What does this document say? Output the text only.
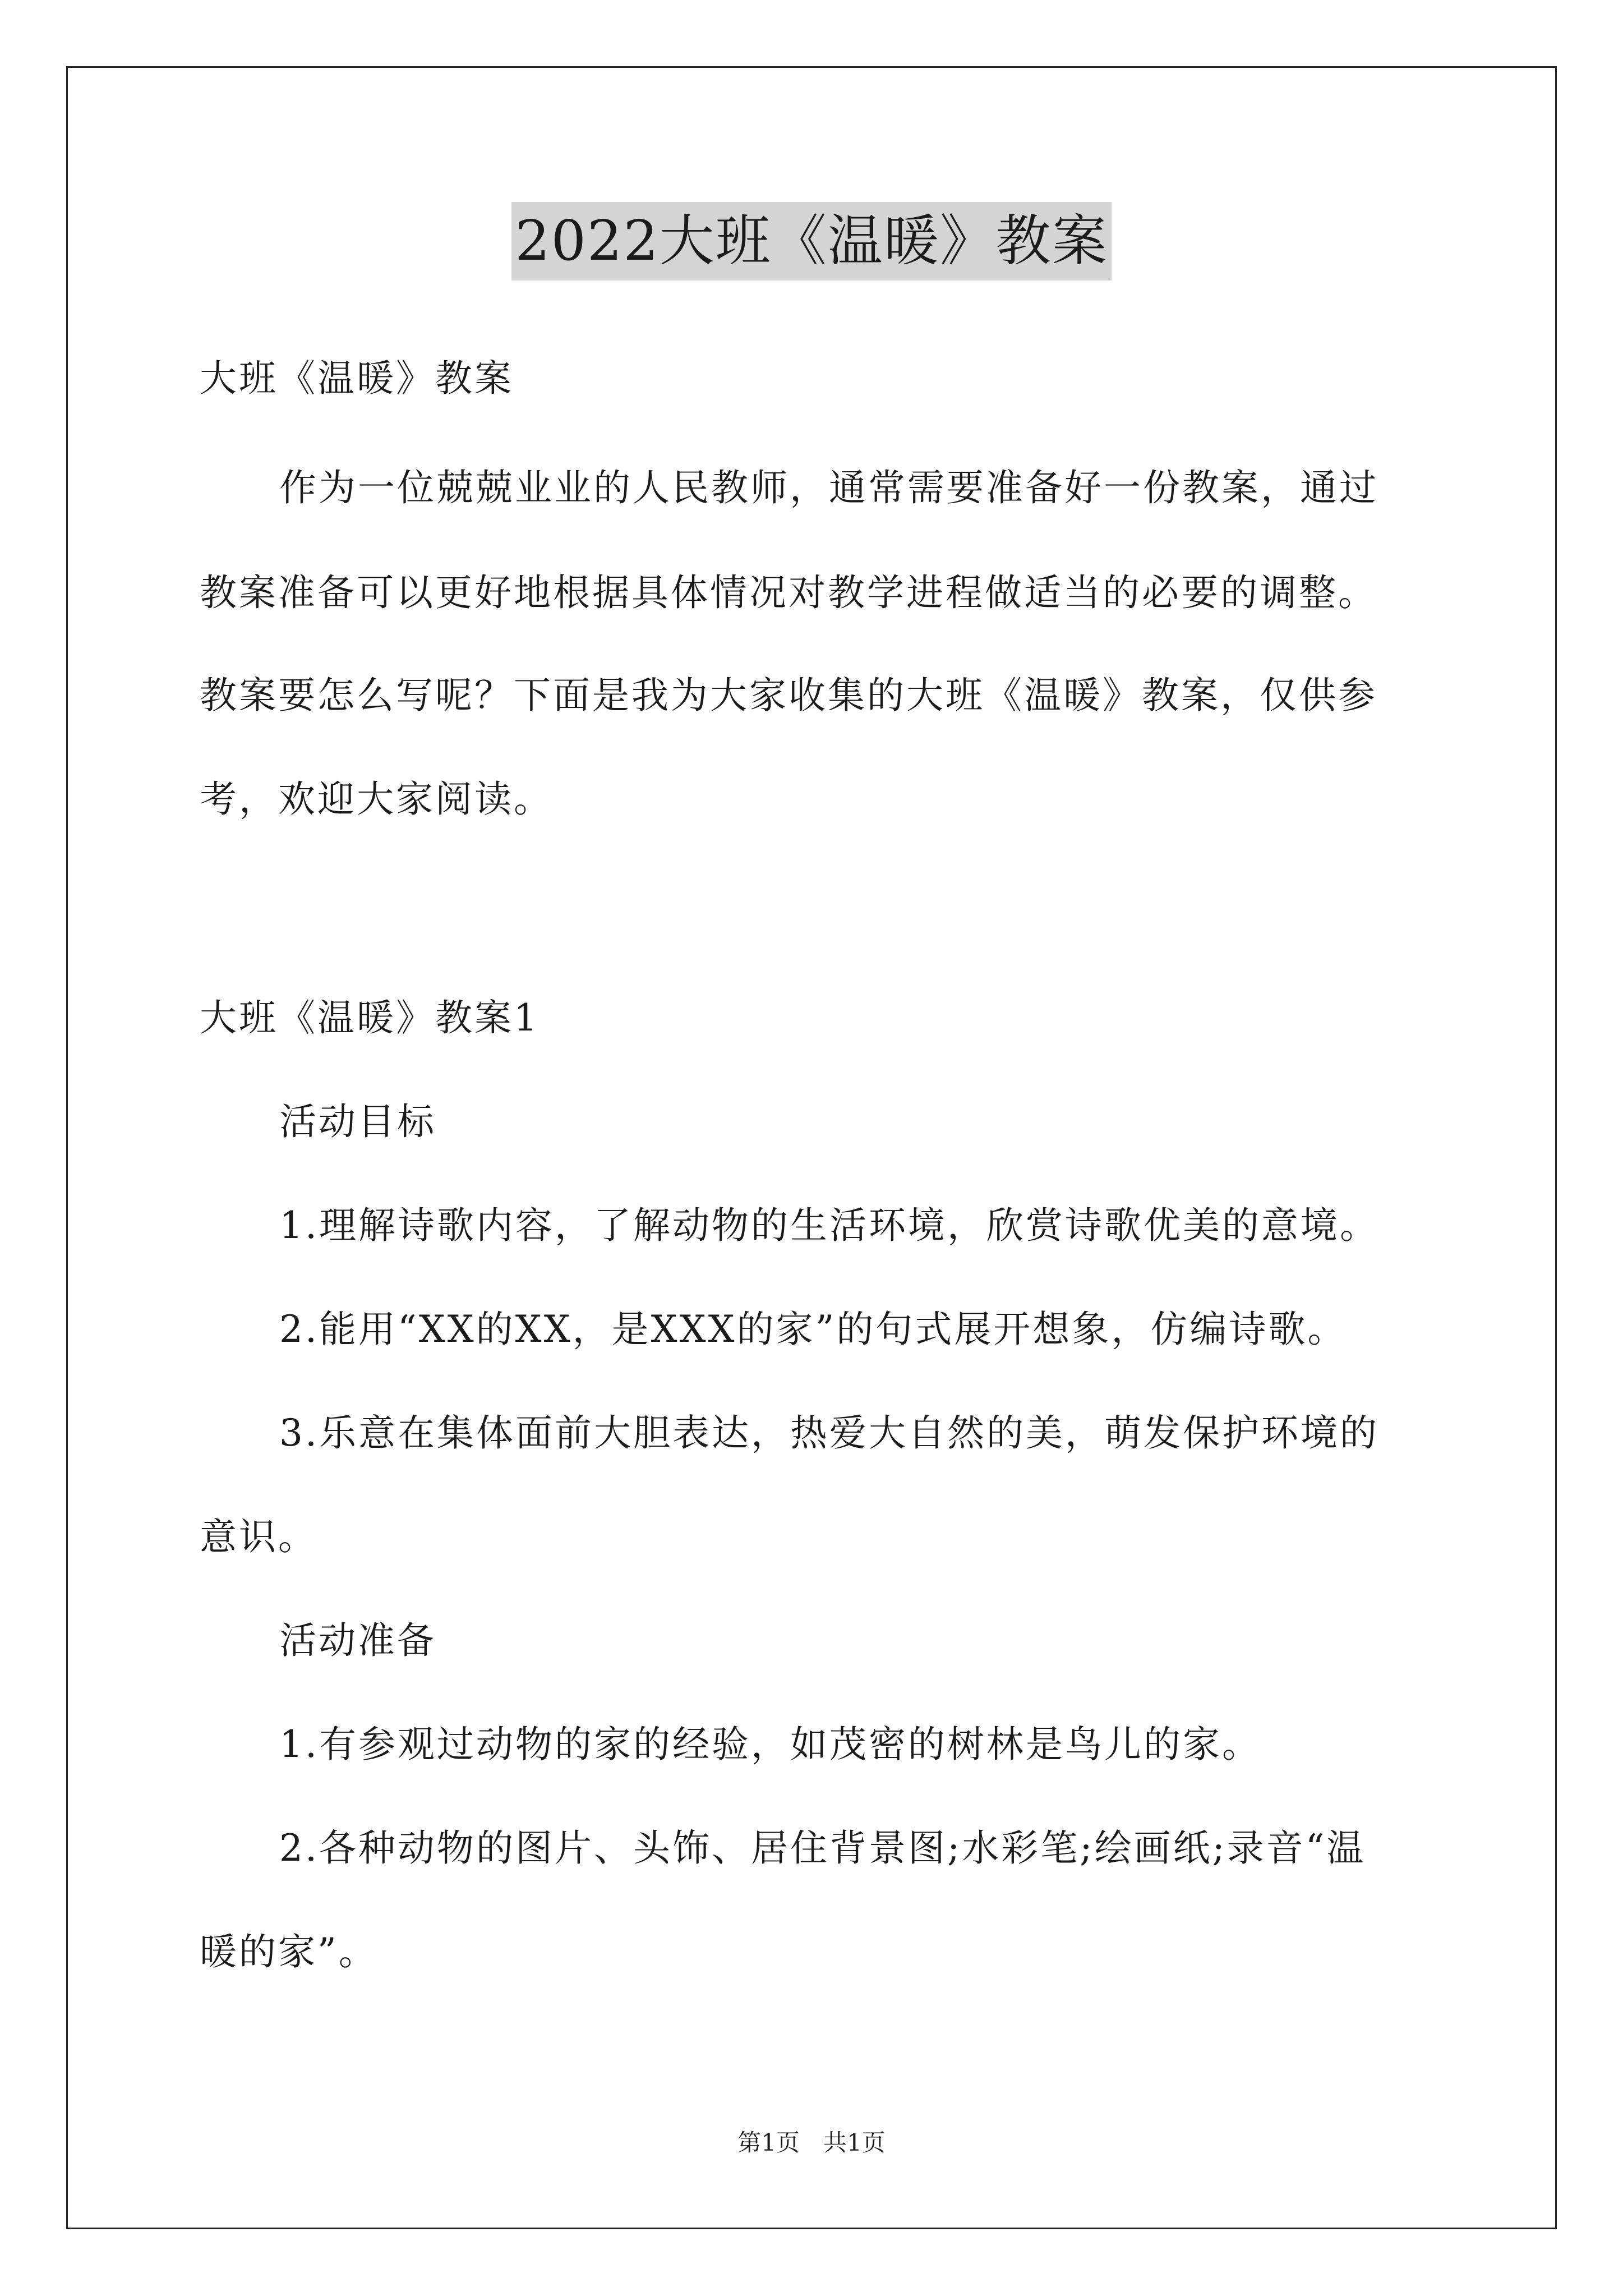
2022大班《温暖》教案
大班《温暖》教案
作为一位兢兢业业的人民教师，通常需要准备好一份教案，通过
教案准备可以更好地根据具体情况对教学进程做适当的必要的调整。
教案要怎么写呢？下面是我为大家收集的大班《温暖》教案，仅供参
考，欢迎大家阅读。
大班《温暖》教案1
活动目标
1.理解诗歌内容，了解动物的生活环境，欣赏诗歌优美的意境。
2.能用“XX的XX，是XXX的家”的句式展开想象，仿编诗歌。
3.乐意在集体面前大胆表达，热爱大自然的美，萌发保护环境的
意识。
活动准备
1.有参观过动物的家的经验，如茂密的树林是鸟儿的家。
2.各种动物的图片、头饰、居住背景图;水彩笔;绘画纸;录音“温
暖的家”。
第1页　共1页
